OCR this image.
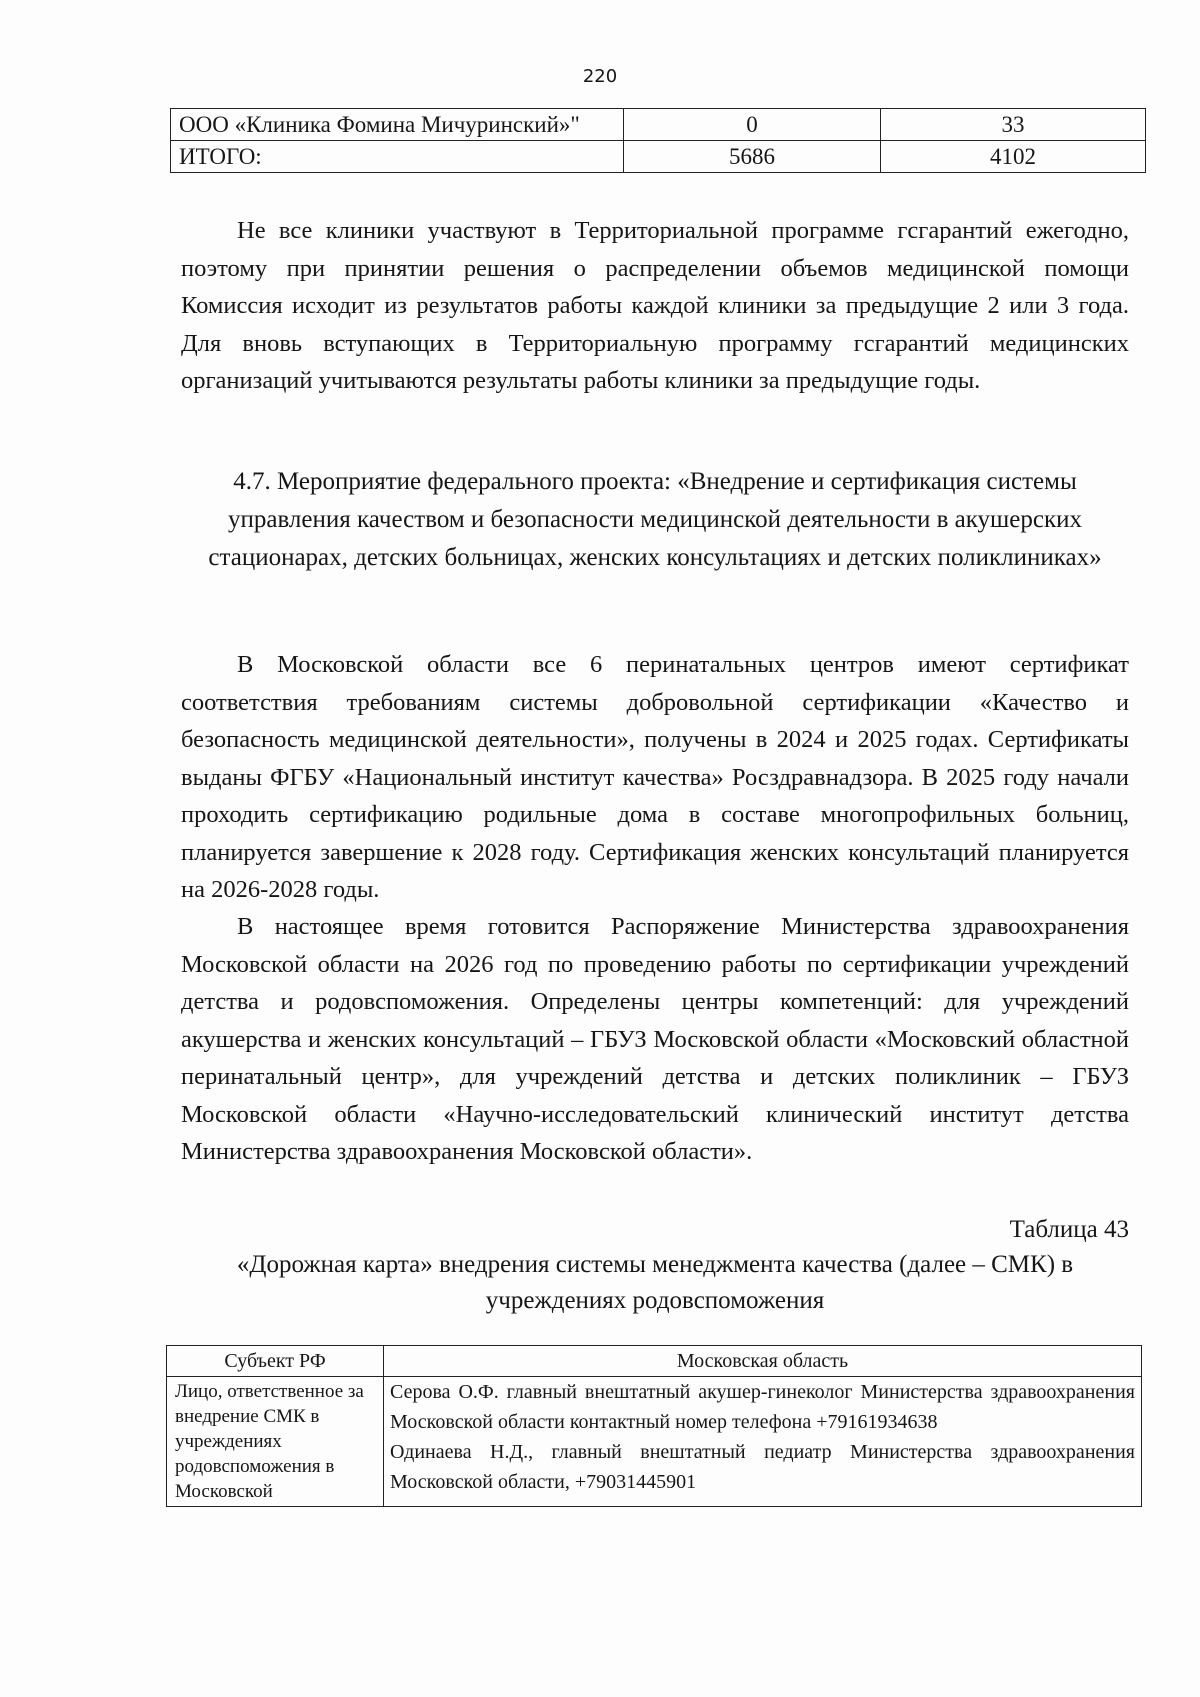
220
ООО «Клиника Фомина Мичуринский»"	0	33
ИТОГО:	5686	4102

Не все клиники участвуют в Территориальной программе гсгарантий ежегодно, поэтому при принятии решения о распределении объемов медицинской помощи Комиссия исходит из результатов работы каждой клиники за предыдущие 2 или 3 года. Для вновь вступающих в Территориальную программу гсгарантий медицинских организаций учитываются результаты работы клиники за предыдущие годы.

4.7. Мероприятие федерального проекта: «Внедрение и сертификация системы управления качеством и безопасности медицинской деятельности в акушерских стационарах, детских больницах, женских консультациях и детских поликлиниках»

В Московской области все 6 перинатальных центров имеют сертификат соответствия требованиям системы добровольной сертификации «Качество и безопасность медицинской деятельности», получены в 2024 и 2025 годах. Сертификаты выданы ФГБУ «Национальный институт качества» Росздравнадзора. В 2025 году начали проходить сертификацию родильные дома в составе многопрофильных больниц, планируется завершение к 2028 году. Сертификация женских консультаций планируется на 2026-2028 годы.

В настоящее время готовится Распоряжение Министерства здравоохранения Московской области на 2026 год по проведению работы по сертификации учреждений детства и родовспоможения. Определены центры компетенций: для учреждений акушерства и женских консультаций – ГБУЗ Московской области «Московский областной перинатальный центр», для учреждений детства и детских поликлиник – ГБУЗ Московской области «Научно-исследовательский клинический институт детства Министерства здравоохранения Московской области».

Таблица 43

«Дорожная карта» внедрения системы менеджмента качества (далее – СМК) в учреждениях родовспоможения

Субъект РФ	Московская область
Лицо, ответственное за внедрение СМК в учреждениях родовспоможения в Московской	Серова О.Ф. главный внештатный акушер-гинеколог Министерства здравоохранения Московской области контактный номер телефона +79161934638
Одинаева Н.Д., главный внештатный педиатр Министерства здравоохранения Московской области, +79031445901
